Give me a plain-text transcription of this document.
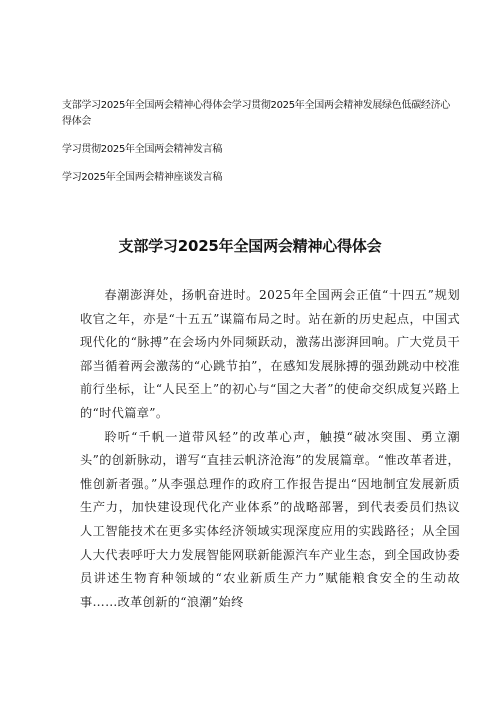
支部学习2025年全国两会精神心得体会学习贯彻2025年全国两会精神发展绿色低碳经济心得体会
学习贯彻2025年全国两会精神发言稿
学习2025年全国两会精神座谈发言稿
支部学习2025年全国两会精神心得体会

春潮澎湃处，扬帆奋进时。2025年全国两会正值“十四五”规划收官之年，亦是“十五五”谋篇布局之时。站在新的历史起点，中国式现代化的“脉搏”在会场内外同频跃动，激荡出澎湃回响。广大党员干部当循着两会激荡的“心跳节拍”，在感知发展脉搏的强劲跳动中校准前行坐标，让“人民至上”的初心与“国之大者”的使命交织成复兴路上的“时代篇章”。

聆听“千帆一道带风轻”的改革心声，触摸“破冰突围、勇立潮头”的创新脉动，谱写“直挂云帆济沧海”的发展篇章。“惟改革者进，惟创新者强。”从李强总理作的政府工作报告提出“因地制宜发展新质生产力，加快建设现代化产业体系”的战略部署，到代表委员们热议人工智能技术在更多实体经济领域实现深度应用的实践路径；从全国人大代表呼吁大力发展智能网联新能源汽车产业生态，到全国政协委员讲述生物育种领域的“农业新质生产力”赋能粮食安全的生动故事……改革创新的“浪潮”始终
